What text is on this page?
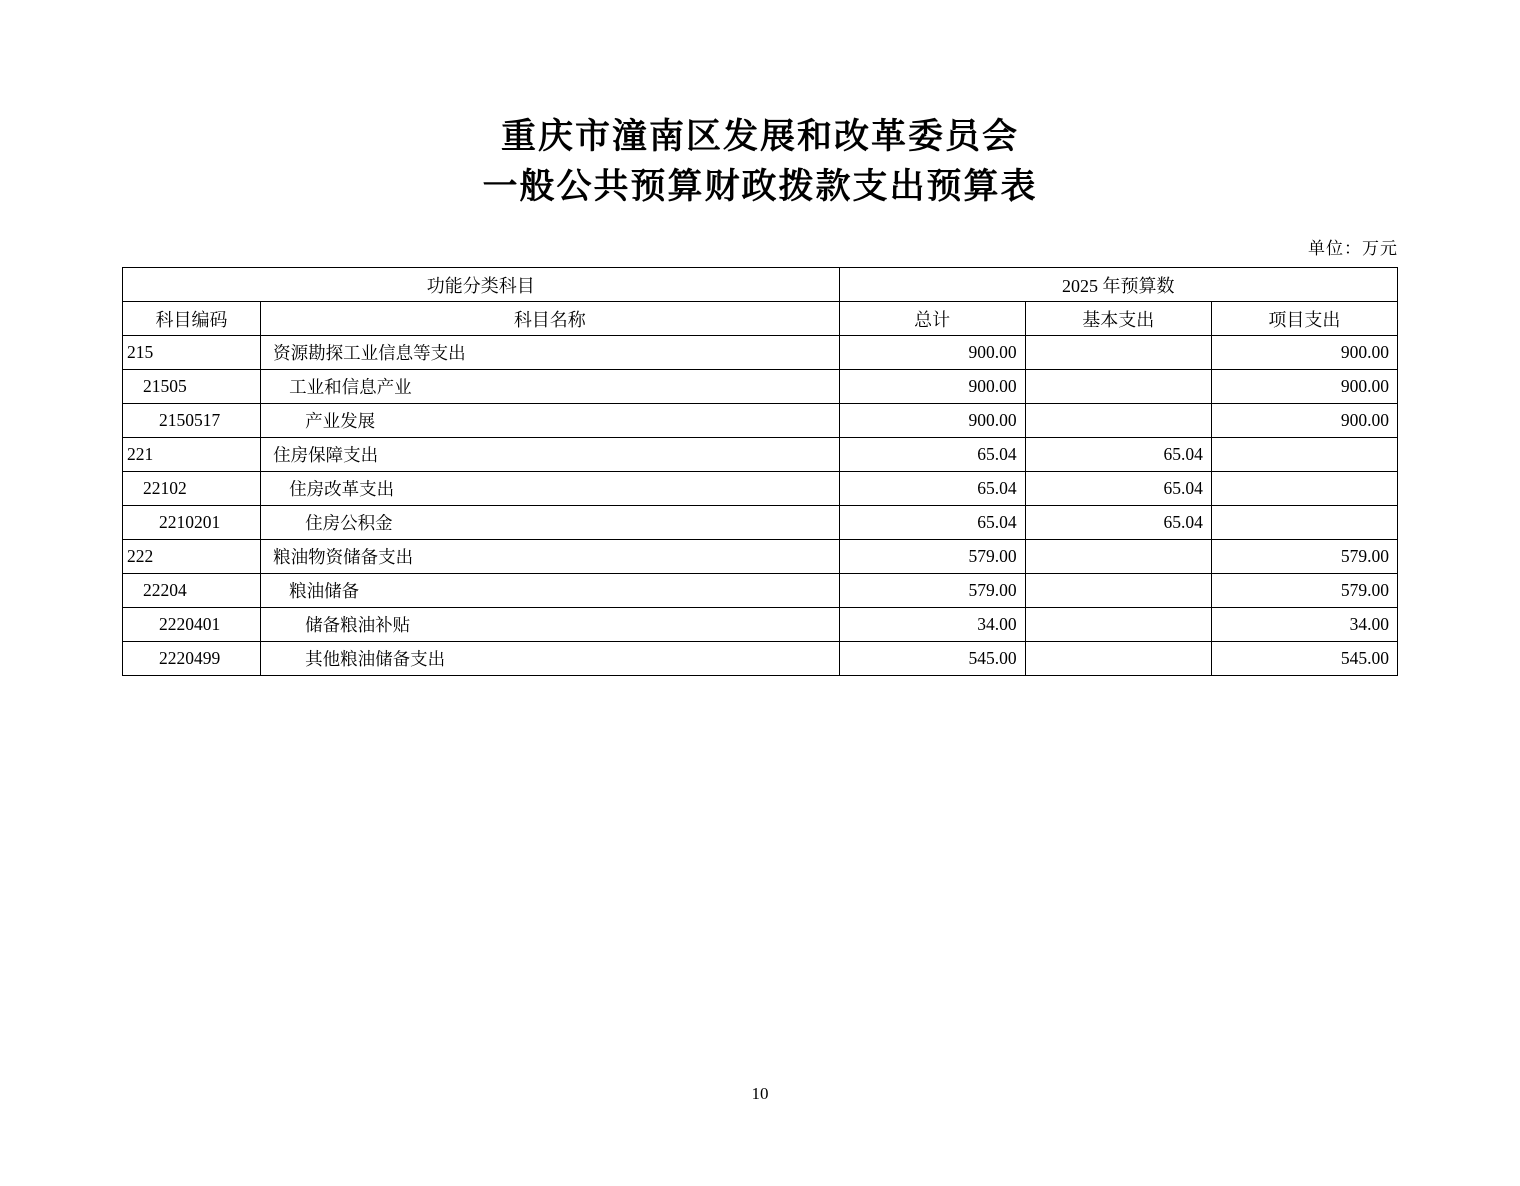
重庆市潼南区发展和改革委员会
一般公共预算财政拨款支出预算表
单位：万元
功能分类科目		2025 年预算数		
科目编码	科目名称	总计	基本支出	项目支出
215	资源勘探工业信息等支出	900.00		900.00
21505	工业和信息产业	900.00		900.00
2150517	产业发展	900.00		900.00
221	住房保障支出	65.04	65.04	
22102	住房改革支出	65.04	65.04	
2210201	住房公积金	65.04	65.04	
222	粮油物资储备支出	579.00		579.00
22204	粮油储备	579.00		579.00
2220401	储备粮油补贴	34.00		34.00
2220499	其他粮油储备支出	545.00		545.00
10
